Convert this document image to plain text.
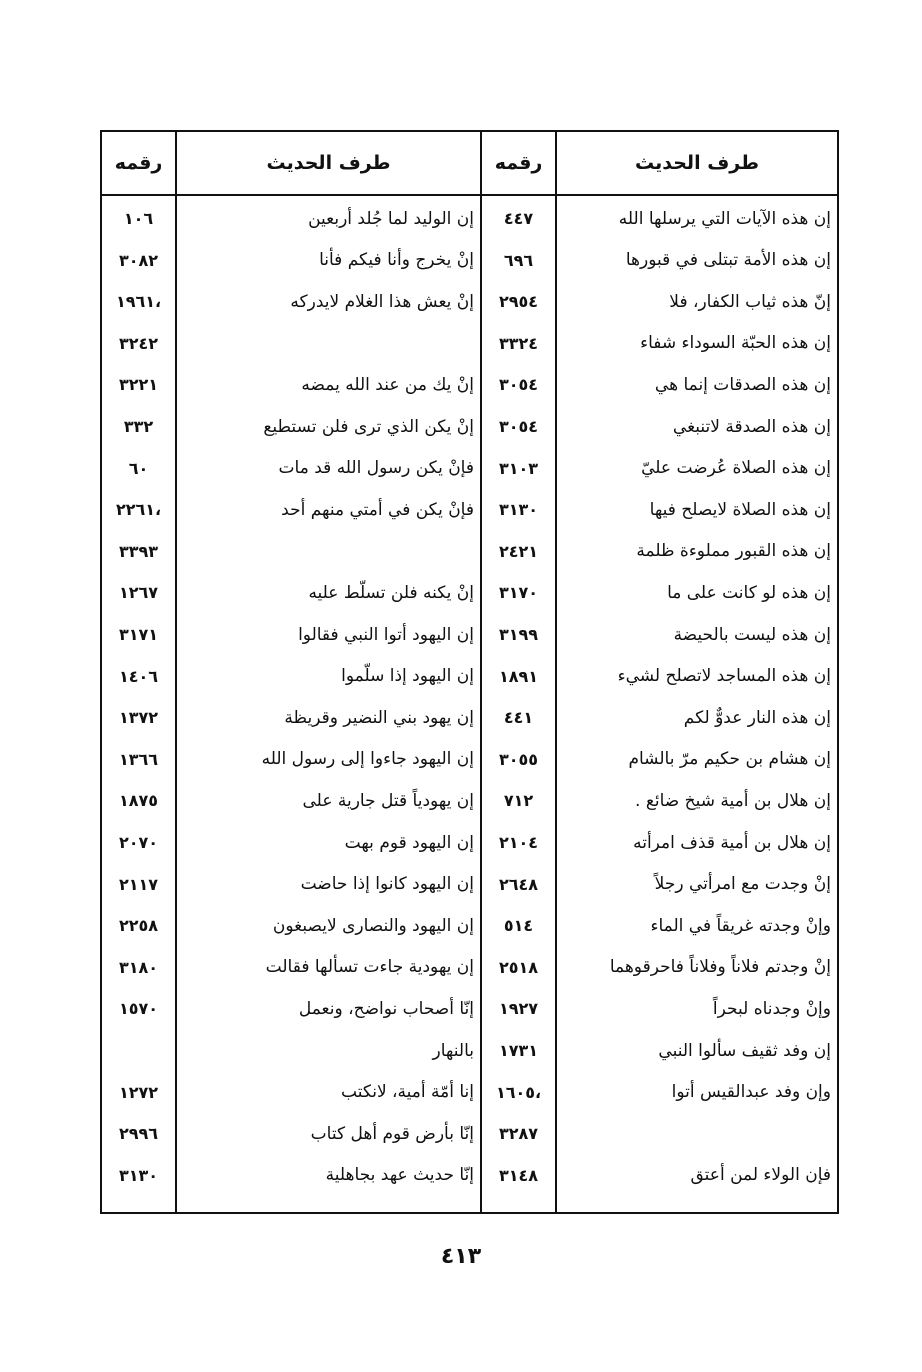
طرف الحديث
رقمه
طرف الحديث
رقمه
إن هذه الآيات التي يرسلها الله
٤٤٧
إن الوليد لما جُلد أربعين
١٠٦
إن هذه الأمة تبتلى في قبورها
٦٩٦
إنْ يخرج وأنا فيكم فأنا
٣٠٨٢
إنّ هذه ثياب الكفار، فلا
٢٩٥٤
إنْ يعش هذا الغلام لايدركه
،١٩٦١
إن هذه الحبّة السوداء شفاء
٣٣٢٤
٣٢٤٢
إن هذه الصدقات إنما هي
٣٠٥٤
إنْ يك من عند الله يمضه
٣٢٢١
إن هذه الصدقة لاتنبغي
٣٠٥٤
إنْ يكن الذي ترى فلن تستطيع
٣٣٢
إن هذه الصلاة عُرضت عليّ
٣١٠٣
فإنْ يكن رسول الله قد مات
٦٠
إن هذه الصلاة لايصلح فيها
٣١٣٠
فإنْ يكن في أمتي منهم أحد
،٢٢٦١
إن هذه القبور مملوءة ظلمة
٢٤٢١
٣٣٩٣
إن هذه لو كانت على ما
٣١٧٠
إنْ يكنه فلن تسلّط عليه
١٢٦٧
إن هذه ليست بالحيضة
٣١٩٩
إن اليهود أتوا النبي فقالوا
٣١٧١
إن هذه المساجد لاتصلح لشيء
١٨٩١
إن اليهود إذا سلّموا
١٤٠٦
إن هذه النار عدوٌّ لكم
٤٤١
إن يهود بني النضير وقريظة
١٣٧٢
إن هشام بن حكيم مرّ بالشام
٣٠٥٥
إن اليهود جاءوا إلى رسول الله
١٣٦٦
إن هلال بن أمية شيخ ضائع .
٧١٢
إن يهودياً قتل جارية على
١٨٧٥
إن هلال بن أمية قذف امرأته
٢١٠٤
إن اليهود قوم بهت
٢٠٧٠
إنْ وجدت مع امرأتي رجلاً
٢٦٤٨
إن اليهود كانوا إذا حاضت
٢١١٧
وإنْ وجدته غريقاً في الماء
٥١٤
إن اليهود والنصارى لايصبغون
٢٢٥٨
إنْ وجدتم فلاناً وفلاناً فاحرقوهما
٢٥١٨
إن يهودية جاءت تسألها فقالت
٣١٨٠
وإنْ وجدناه لبحراً
١٩٢٧
إنّا أصحاب نواضح، ونعمل
١٥٧٠
إن وفد ثقيف سألوا النبي
١٧٣١
بالنهار
وإن وفد عبدالقيس أتوا
،١٦٠٥
إنا أمّة أمية، لانكتب
١٢٧٢
٣٢٨٧
إنّا بأرض قوم أهل كتاب
٢٩٩٦
فإن الولاء لمن أعتق
٣١٤٨
إنّا حديث عهد بجاهلية
٣١٣٠
٤١٣
